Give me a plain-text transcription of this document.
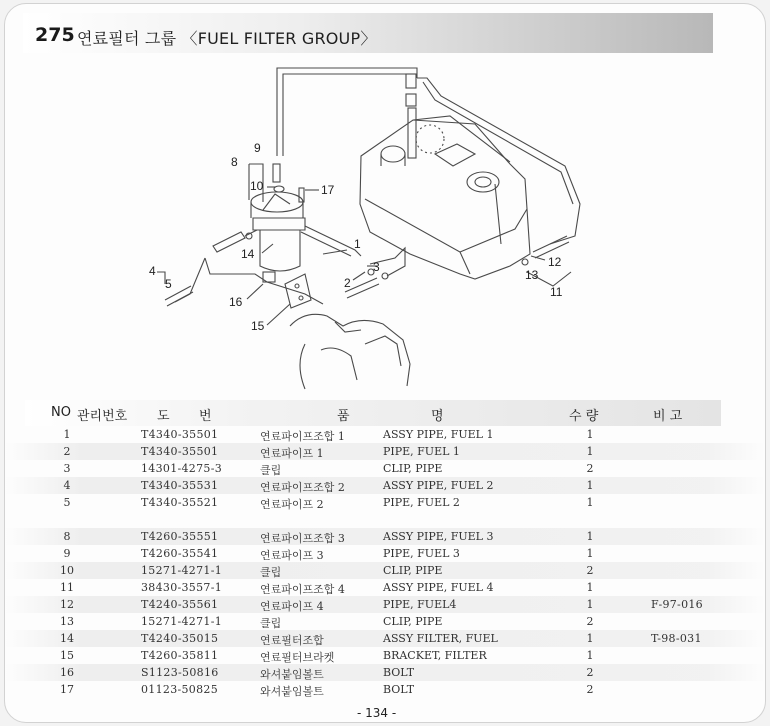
275 연료필터 그룹 〈FUEL FILTER GROUP〉
1
2
3
4
5
8
9
10
11
12
13
14
15
16
17
NO 관리번호 도 번	품	명	수 량	비 고
1	T4340-35501	연료파이프조합 1	ASSY PIPE, FUEL 1	1
2	T4340-35501	연료파이프 1	PIPE, FUEL 1	1
3	14301-4275-3	클립	CLIP, PIPE	2
4	T4340-35531	연료파이프조합 2	ASSY PIPE, FUEL 2	1
5	T4340-35521	연료파이프 2	PIPE, FUEL 2	1
8	T4260-35551	연료파이프조합 3	ASSY PIPE, FUEL 3	1
9	T4260-35541	연료파이프 3	PIPE, FUEL 3	1
10	15271-4271-1	클립	CLIP, PIPE	2
11	38430-3557-1	연료파이프조합 4	ASSY PIPE, FUEL 4	1
12	T4240-35561	연료파이프 4	PIPE, FUEL4	1	F-97-016
13	15271-4271-1	클립	CLIP, PIPE	2
14	T4240-35015	연료필터조합	ASSY FILTER, FUEL	1	T-98-031
15	T4260-35811	연료필터브라켓	BRACKET, FILTER	1
16	S1123-50816	와셔붙임볼트	BOLT	2
17	01123-50825	와셔붙임볼트	BOLT	2
- 134 -
